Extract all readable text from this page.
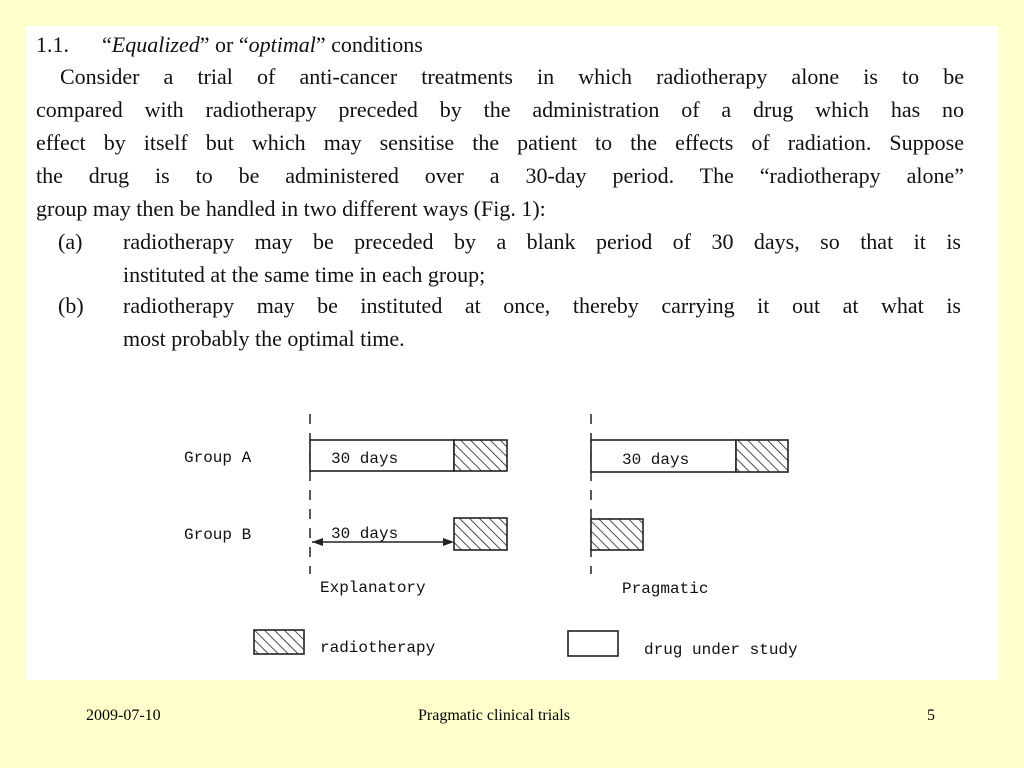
1.1. “Equalized” or “optimal” conditions
Consider a trial of anti-cancer treatments in which radiotherapy alone is to be
compared with radiotherapy preceded by the administration of a drug which has no
effect by itself but which may sensitise the patient to the effects of radiation. Suppose
the drug is to be administered over a 30-day period. The “radiotherapy alone”
group may then be handled in two different ways (Fig. 1):
(a)	radiotherapy may be preceded by a blank period of 30 days, so that it is
instituted at the same time in each group;
(b)	radiotherapy may be instituted at once, thereby carrying it out at what is
most probably the optimal time.
Group A
Group B
30 days
30 days
30 days
Explanatory	Pragmatic
radiotherapy	drug under study
2009-07-10	Pragmatic clinical trials	5
